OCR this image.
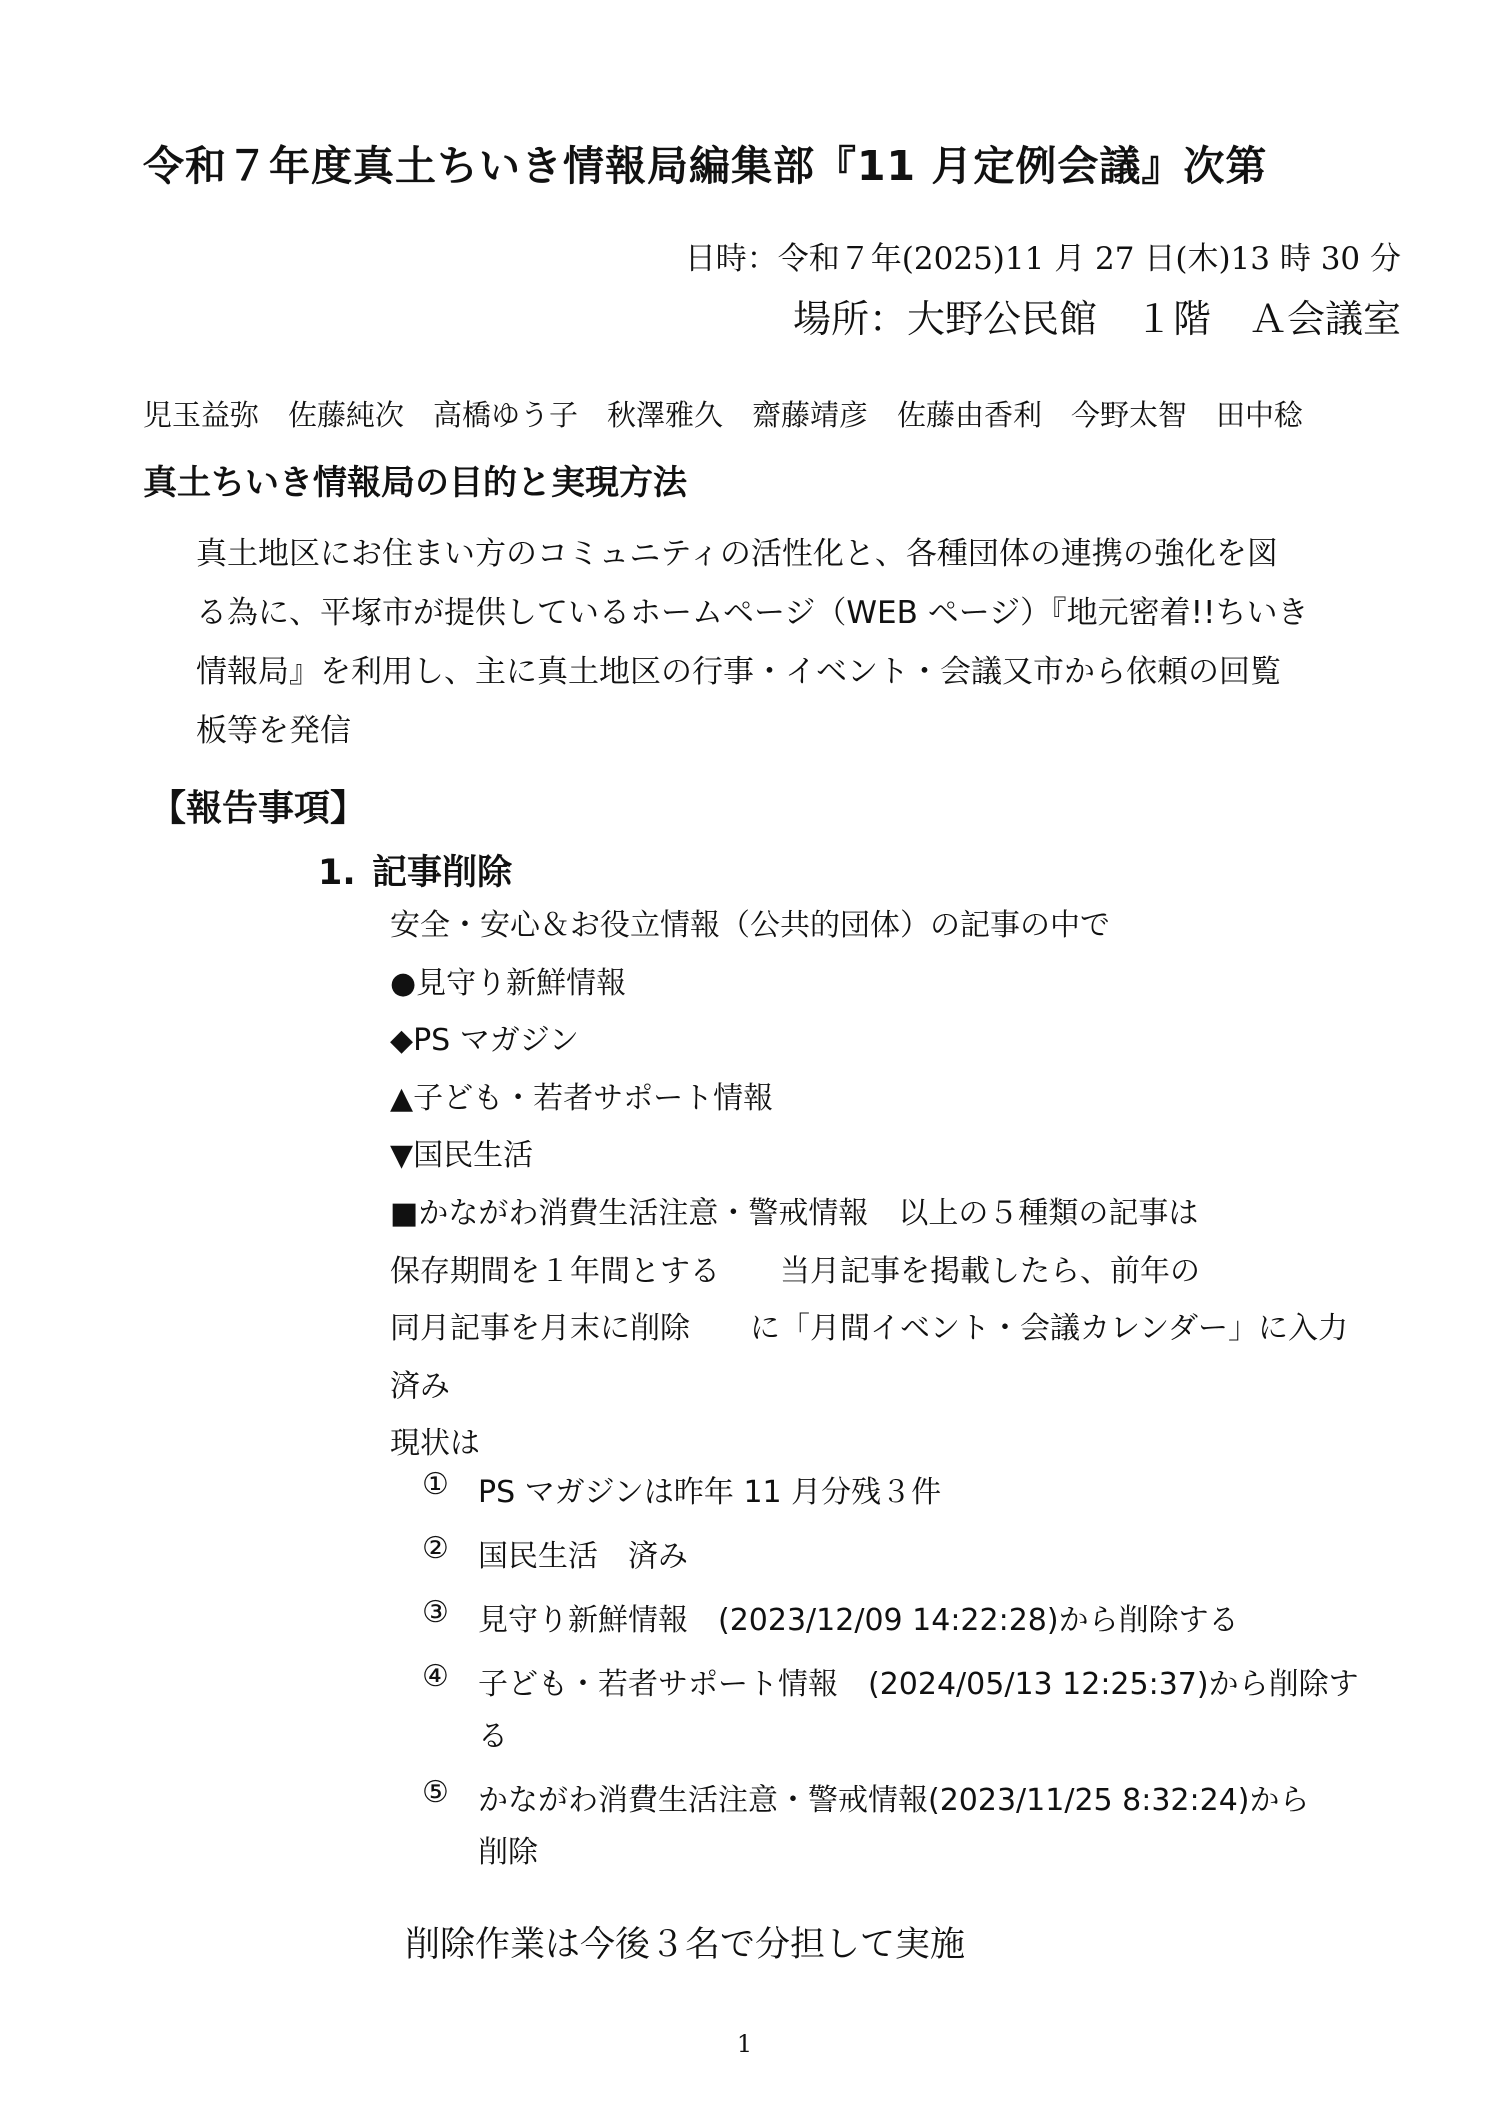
令和７年度真土ちいき情報局編集部『11 月定例会議』次第
日時：令和７年(2025)11 月 27 日(木)13 時 30 分
場所：大野公民館　１階　Ａ会議室
児玉益弥　佐藤純次　高橋ゆう子　秋澤雅久　齋藤靖彦　佐藤由香利　今野太智　田中稔
真土ちいき情報局の目的と実現方法

真土地区にお住まい方のコミュニティの活性化と、各種団体の連携の強化を図

る為に、平塚市が提供しているホームページ（WEB ページ）『地元密着!!ちいき

情報局』を利用し、主に真土地区の行事・イベント・会議又市から依頼の回覧

板等を発信

【報告事項】
1. 記事削除

安全・安心＆お役立情報（公共的団体）の記事の中で

●見守り新鮮情報

◆PS マガジン

▲子ども・若者サポート情報

▼国民生活

■かながわ消費生活注意・警戒情報　以上の５種類の記事は

保存期間を１年間とする　　当月記事を掲載したら、前年の

同月記事を月末に削除　　に「月間イベント・会議カレンダー」に入力

済み

現状は

① PS マガジンは昨年 11 月分残３件
② 国民生活　済み
③ 見守り新鮮情報　(2023/12/09 14:22:28)から削除する
④ 子ども・若者サポート情報　(2024/05/13 12:25:37)から削除す
る
⑤ かながわ消費生活注意・警戒情報(2023/11/25 8:32:24)から
削除
削除作業は今後３名で分担して実施
1
